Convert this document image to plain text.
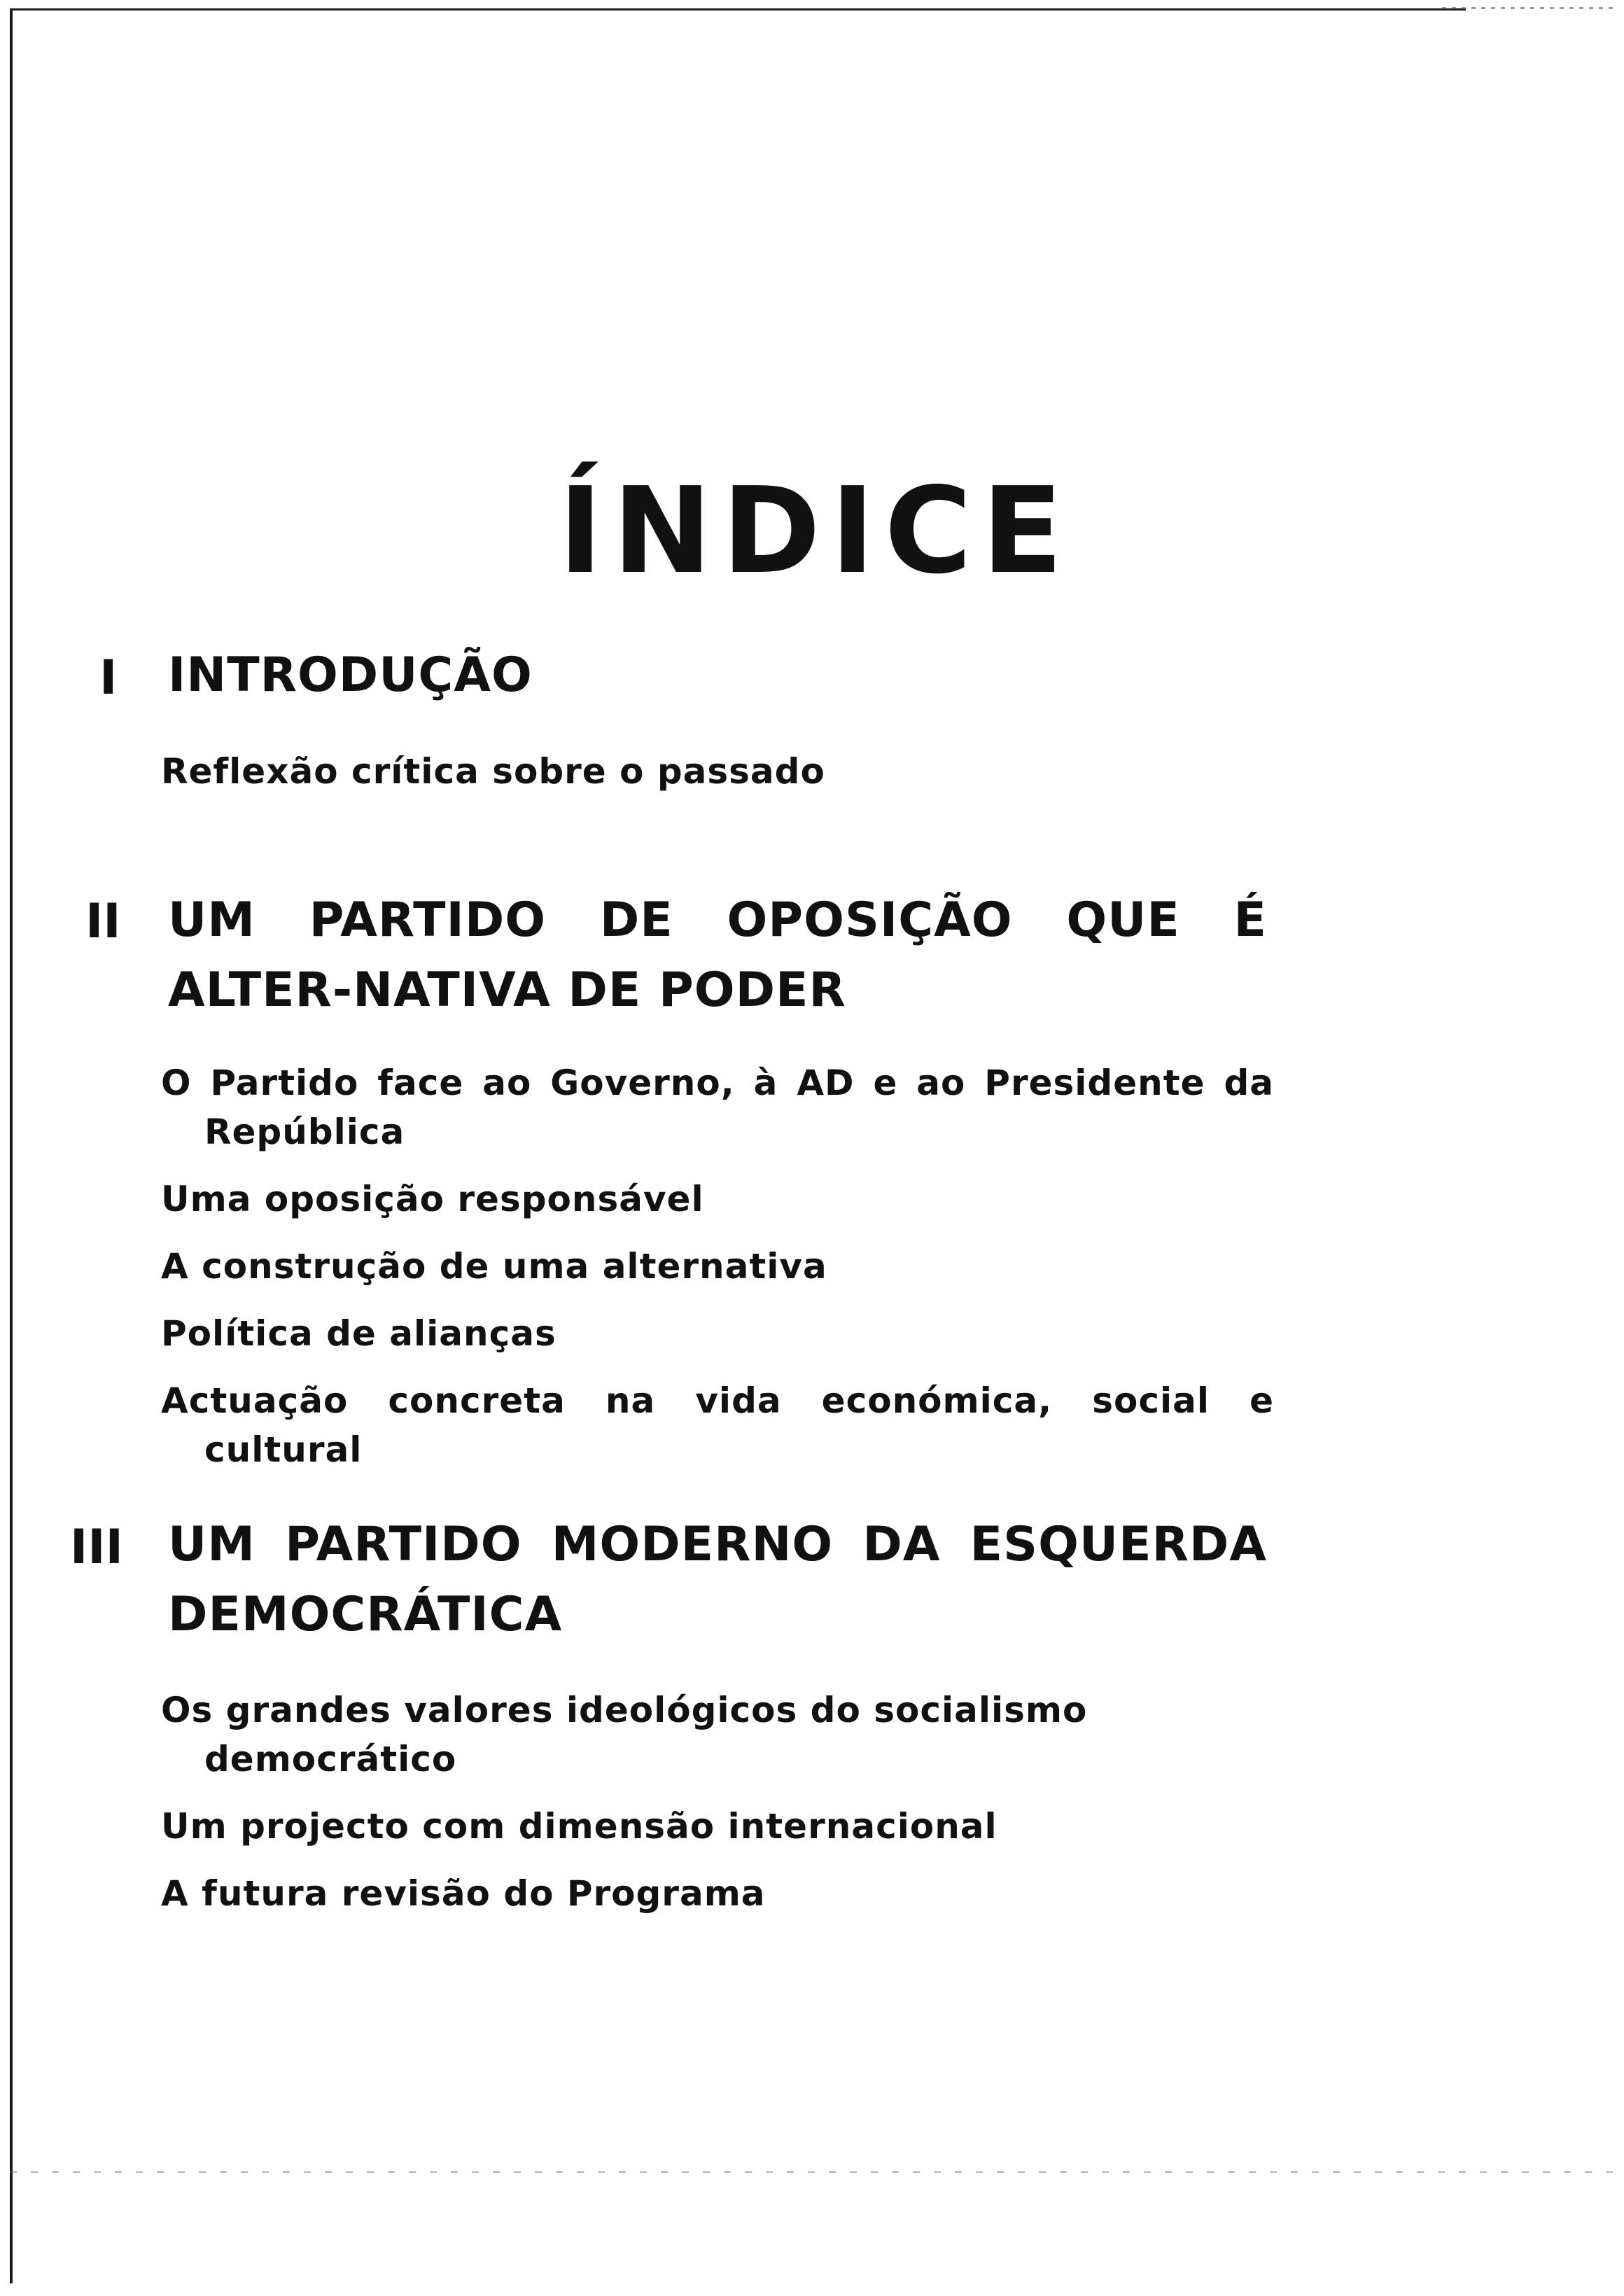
ÍNDICE
I INTRODUÇÃO
Reflexão crítica sobre o passado
II UM PARTIDO DE OPOSIÇÃO QUE É ALTER-NATIVA DE PODER
O Partido face ao Governo, à AD e ao Presidente da República
Uma oposição responsável
A construção de uma alternativa
Política de alianças
Actuação concreta na vida económica, social e cultural
III UM PARTIDO MODERNO DA ESQUERDA DEMOCRÁTICA
Os grandes valores ideológicos do socialismo democrático
Um projecto com dimensão internacional
A futura revisão do Programa
